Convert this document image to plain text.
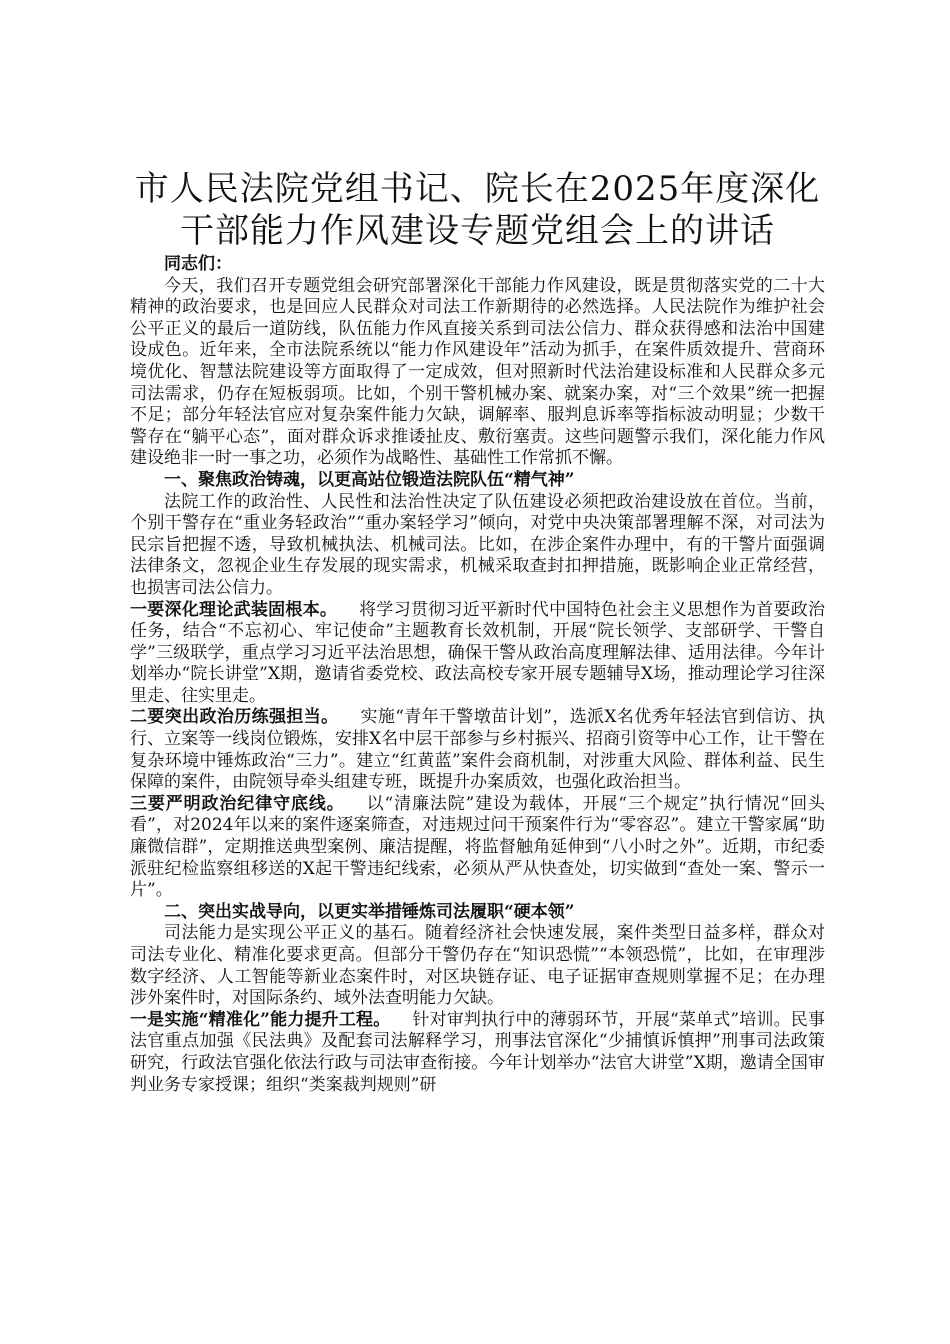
市人民法院党组书记、院长在2025年度深化
干部能力作风建设专题党组会上的讲话

同志们：

今天，我们召开专题党组会研究部署深化干部能力作风建设，既是贯彻落实党的二十大精神的政治要求，也是回应人民群众对司法工作新期待的必然选择。人民法院作为维护社会公平正义的最后一道防线，队伍能力作风直接关系到司法公信力、群众获得感和法治中国建设成色。近年来，全市法院系统以“能力作风建设年”活动为抓手，在案件质效提升、营商环境优化、智慧法院建设等方面取得了一定成效，但对照新时代法治建设标准和人民群众多元司法需求，仍存在短板弱项。比如，个别干警机械办案、就案办案，对“三个效果”统一把握不足；部分年轻法官应对复杂案件能力欠缺，调解率、服判息诉率等指标波动明显；少数干警存在“躺平心态”，面对群众诉求推诿扯皮、敷衍塞责。这些问题警示我们，深化能力作风建设绝非一时一事之功，必须作为战略性、基础性工作常抓不懈。

一、聚焦政治铸魂，以更高站位锻造法院队伍“精气神”

法院工作的政治性、人民性和法治性决定了队伍建设必须把政治建设放在首位。当前，个别干警存在“重业务轻政治”“重办案轻学习”倾向，对党中央决策部署理解不深，对司法为民宗旨把握不透，导致机械执法、机械司法。比如，在涉企案件办理中，有的干警片面强调法律条文，忽视企业生存发展的现实需求，机械采取查封扣押措施，既影响企业正常经营，也损害司法公信力。

一要深化理论武装固根本。 将学习贯彻习近平新时代中国特色社会主义思想作为首要政治任务，结合“不忘初心、牢记使命”主题教育长效机制，开展“院长领学、支部研学、干警自学”三级联学，重点学习习近平法治思想，确保干警从政治高度理解法律、适用法律。今年计划举办“院长讲堂”X期，邀请省委党校、政法高校专家开展专题辅导X场，推动理论学习往深里走、往实里走。

二要突出政治历练强担当。 实施“青年干警墩苗计划”，选派X名优秀年轻法官到信访、执行、立案等一线岗位锻炼，安排X名中层干部参与乡村振兴、招商引资等中心工作，让干警在复杂环境中锤炼政治“三力”。建立“红黄蓝”案件会商机制，对涉重大风险、群体利益、民生保障的案件，由院领导牵头组建专班，既提升办案质效，也强化政治担当。

三要严明政治纪律守底线。 以“清廉法院”建设为载体，开展“三个规定”执行情况“回头看”，对2024年以来的案件逐案筛查，对违规过问干预案件行为“零容忍”。建立干警家属“助廉微信群”，定期推送典型案例、廉洁提醒，将监督触角延伸到“八小时之外”。近期，市纪委派驻纪检监察组移送的X起干警违纪线索，必须从严从快查处，切实做到“查处一案、警示一片”。

二、突出实战导向，以更实举措锤炼司法履职“硬本领”

司法能力是实现公平正义的基石。随着经济社会快速发展，案件类型日益多样，群众对司法专业化、精准化要求更高。但部分干警仍存在“知识恐慌”“本领恐慌”，比如，在审理涉数字经济、人工智能等新业态案件时，对区块链存证、电子证据审查规则掌握不足；在办理涉外案件时，对国际条约、域外法查明能力欠缺。

一是实施“精准化”能力提升工程。 针对审判执行中的薄弱环节，开展“菜单式”培训。民事法官重点加强《民法典》及配套司法解释学习，刑事法官深化“少捕慎诉慎押”刑事司法政策研究，行政法官强化依法行政与司法审查衔接。今年计划举办“法官大讲堂”X期，邀请全国审判业务专家授课；组织“类案裁判规则”研
